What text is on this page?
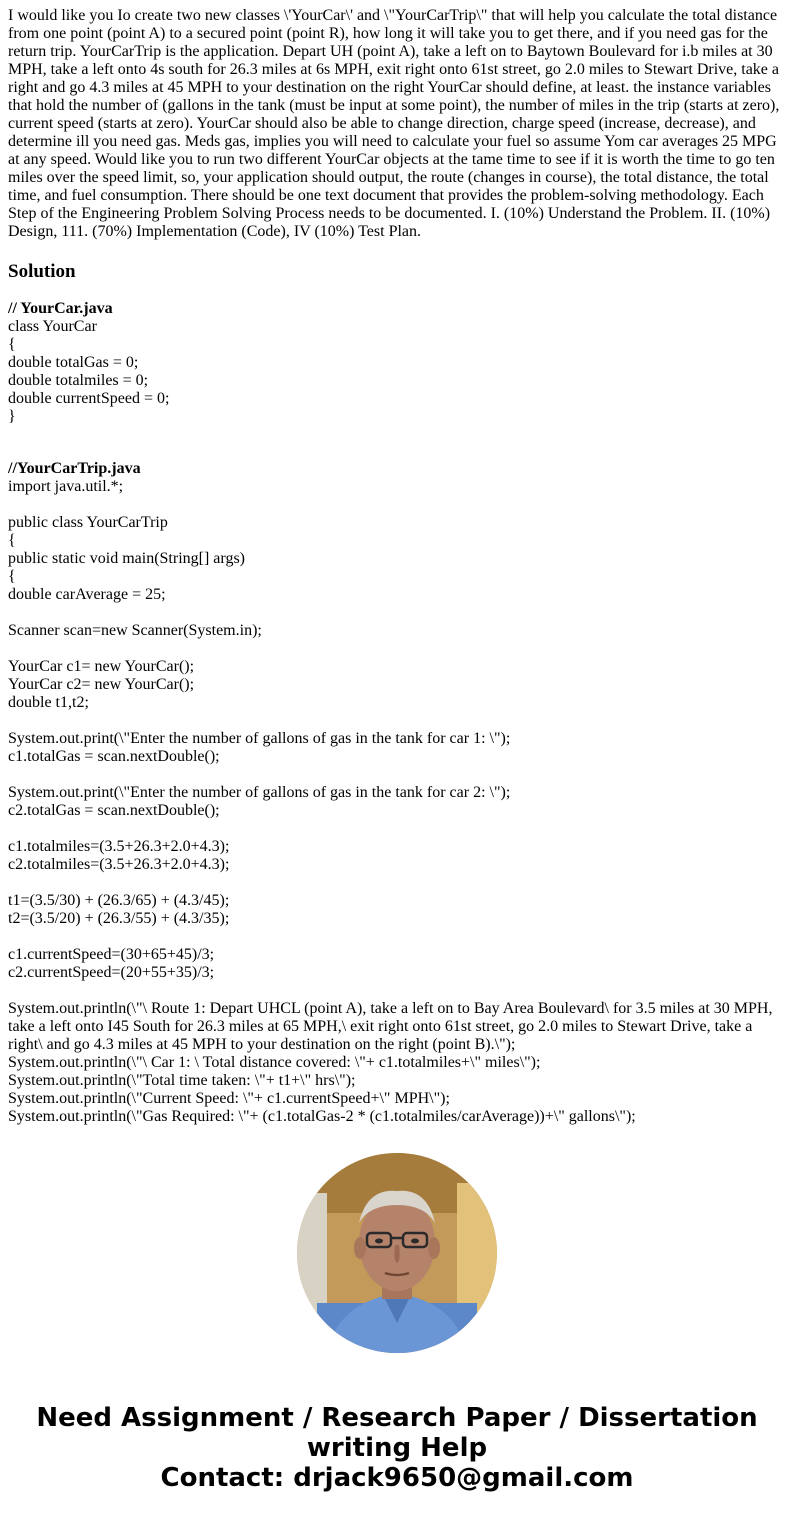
I would like you Io create two new classes \'YourCar\' and \"YourCarTrip\" that will help you calculate the total distance from one point (point A) to a secured point (point R), how long it will take you to get there, and if you need gas for the return trip. YourCarTrip is the application. Depart UH (point A), take a left on to Baytown Boulevard for i.b miles at 30 MPH, take a left onto 4s south for 26.3 miles at 6s MPH, exit right onto 61st street, go 2.0 miles to Stewart Drive, take a right and go 4.3 miles at 45 MPH to your destination on the right YourCar should define, at least. the instance variables that hold the number of (gallons in the tank (must be input at some point), the number of miles in the trip (starts at zero), current speed (starts at zero). YourCar should also be able to change direction, charge speed (increase, decrease), and determine ill you need gas. Meds gas, implies you will need to calculate your fuel so assume Yom car averages 25 MPG at any speed. Would like you to run two different YourCar objects at the tame time to see if it is worth the time to go ten miles over the speed limit, so, your application should output, the route (changes in course), the total distance, the total time, and fuel consumption. There should be one text document that provides the problem-solving methodology. Each Step of the Engineering Problem Solving Process needs to be documented. I. (10%) Understand the Problem. II. (10%) Design, 111. (70%) Implementation (Code), IV (10%) Test Plan.

Solution
// YourCar.java
class YourCar
{
double totalGas = 0;
double totalmiles = 0;
double currentSpeed = 0;
}
//YourCarTrip.java
import java.util.*;
public class YourCarTrip
{
public static void main(String[] args)
{
double carAverage = 25;
Scanner scan=new Scanner(System.in);
YourCar c1= new YourCar();
YourCar c2= new YourCar();
double t1,t2;
System.out.print(\"Enter the number of gallons of gas in the tank for car 1: \");
c1.totalGas = scan.nextDouble();
System.out.print(\"Enter the number of gallons of gas in the tank for car 2: \");
c2.totalGas = scan.nextDouble();
c1.totalmiles=(3.5+26.3+2.0+4.3);
c2.totalmiles=(3.5+26.3+2.0+4.3);
t1=(3.5/30) + (26.3/65) + (4.3/45);
t2=(3.5/20) + (26.3/55) + (4.3/35);
c1.currentSpeed=(30+65+45)/3;
c2.currentSpeed=(20+55+35)/3;
System.out.println(\"\ Route 1: Depart UHCL (point A), take a left on to Bay Area Boulevard\ for 3.5 miles at 30 MPH, take a left onto I45 South for 26.3 miles at 65 MPH,\ exit right onto 61st street, go 2.0 miles to Stewart Drive, take a right\ and go 4.3 miles at 45 MPH to your destination on the right (point B).\");
System.out.println(\"\ Car 1: \ Total distance covered: \"+ c1.totalmiles+\" miles\");
System.out.println(\"Total time taken: \"+ t1+\" hrs\");
System.out.println(\"Current Speed: \"+ c1.currentSpeed+\" MPH\");
System.out.println(\"Gas Required: \"+ (c1.totalGas-2 * (c1.totalmiles/carAverage))+\" gallons\");
Need Assignment / Research Paper / Dissertation writing Help
Contact: drjack9650@gmail.com
